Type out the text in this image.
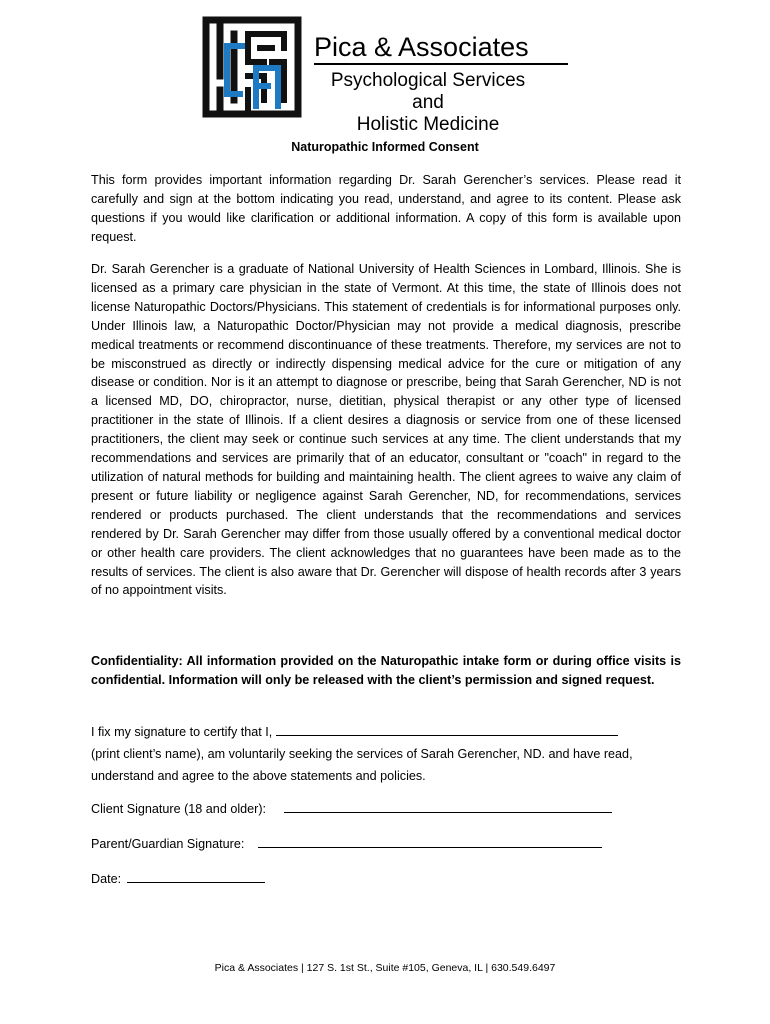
Pica & Associates
Psychological Services
and
Holistic Medicine
Naturopathic Informed Consent

This form provides important information regarding Dr. Sarah Gerencher’s services. Please read it carefully and sign at the bottom indicating you read, understand, and agree to its content. Please ask questions if you would like clarification or additional information. A copy of this form is available upon request.

Dr. Sarah Gerencher is a graduate of National University of Health Sciences in Lombard, Illinois. She is licensed as a primary care physician in the state of Vermont. At this time, the state of Illinois does not license Naturopathic Doctors/Physicians. This statement of credentials is for informational purposes only. Under Illinois law, a Naturopathic Doctor/Physician may not provide a medical diagnosis, prescribe medical treatments or recommend discontinuance of these treatments. Therefore, my services are not to be misconstrued as directly or indirectly dispensing medical advice for the cure or mitigation of any disease or condition. Nor is it an attempt to diagnose or prescribe, being that Sarah Gerencher, ND is not a licensed MD, DO, chiropractor, nurse, dietitian, physical therapist or any other type of licensed practitioner in the state of Illinois. If a client desires a diagnosis or service from one of these licensed practitioners, the client may seek or continue such services at any time. The client understands that my recommendations and services are primarily that of an educator, consultant or "coach" in regard to the utilization of natural methods for building and maintaining health. The client agrees to waive any claim of present or future liability or negligence against Sarah Gerencher, ND, for recommendations, services rendered or products purchased. The client understands that the recommendations and services rendered by Dr. Sarah Gerencher may differ from those usually offered by a conventional medical doctor or other health care providers. The client acknowledges that no guarantees have been made as to the results of services. The client is also aware that Dr. Gerencher will dispose of health records after 3 years of no appointment visits.

Confidentiality: All information provided on the Naturopathic intake form or during office visits is confidential. Information will only be released with the client’s permission and signed request.

I fix my signature to certify that I,
(print client’s name), am voluntarily seeking the services of Sarah Gerencher, ND. and have read, understand and agree to the above statements and policies.
Client Signature (18 and older):
Parent/Guardian Signature:
Date:
Pica & Associates | 127 S. 1st St., Suite #105, Geneva, IL | 630.549.6497
